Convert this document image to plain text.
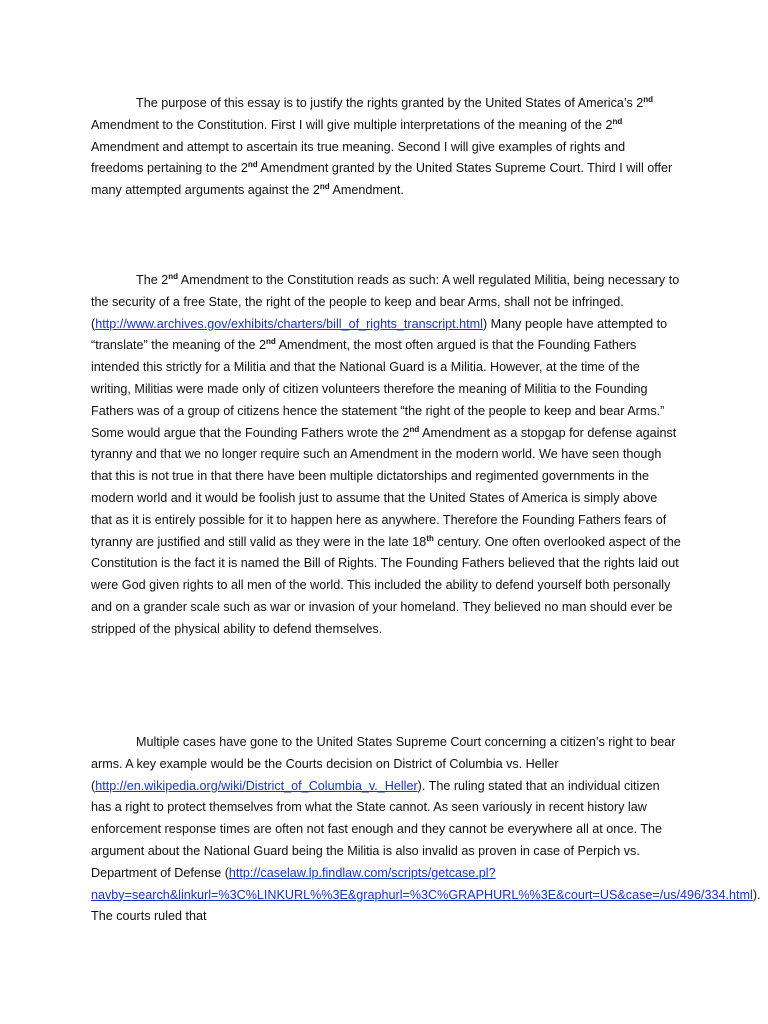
The purpose of this essay is to justify the rights granted by the United States of America’s 2nd Amendment to the Constitution. First I will give multiple interpretations of the meaning of the 2nd Amendment and attempt to ascertain its true meaning. Second I will give examples of rights and freedoms pertaining to the 2nd Amendment granted by the United States Supreme Court. Third I will offer many attempted arguments against the 2nd Amendment.

The 2nd Amendment to the Constitution reads as such: A well regulated Militia, being necessary to the security of a free State, the right of the people to keep and bear Arms, shall not be infringed. (http://www.archives.gov/exhibits/charters/bill_of_rights_transcript.html) Many people have attempted to “translate” the meaning of the 2nd Amendment, the most often argued is that the Founding Fathers intended this strictly for a Militia and that the National Guard is a Militia. However, at the time of the writing, Militias were made only of citizen volunteers therefore the meaning of Militia to the Founding Fathers was of a group of citizens hence the statement “the right of the people to keep and bear Arms.” Some would argue that the Founding Fathers wrote the 2nd Amendment as a stopgap for defense against tyranny and that we no longer require such an Amendment in the modern world. We have seen though that this is not true in that there have been multiple dictatorships and regimented governments in the modern world and it would be foolish just to assume that the United States of America is simply above that as it is entirely possible for it to happen here as anywhere. Therefore the Founding Fathers fears of tyranny are justified and still valid as they were in the late 18th century. One often overlooked aspect of the Constitution is the fact it is named the Bill of Rights. The Founding Fathers believed that the rights laid out were God given rights to all men of the world. This included the ability to defend yourself both personally and on a grander scale such as war or invasion of your homeland. They believed no man should ever be stripped of the physical ability to defend themselves.

Multiple cases have gone to the United States Supreme Court concerning a citizen’s right to bear arms. A key example would be the Courts decision on District of Columbia vs. Heller (http://en.wikipedia.org/wiki/District_of_Columbia_v._Heller). The ruling stated that an individual citizen has a right to protect themselves from what the State cannot. As seen variously in recent history law enforcement response times are often not fast enough and they cannot be everywhere all at once. The argument about the National Guard being the Militia is also invalid as proven in case of Perpich vs. Department of Defense (http://caselaw.lp.findlaw.com/scripts/getcase.pl?navby=search&linkurl=%3C%LINKURL%%3E&graphurl=%3C%GRAPHURL%%3E&court=US&case=/us/496/334.html). The courts ruled that
